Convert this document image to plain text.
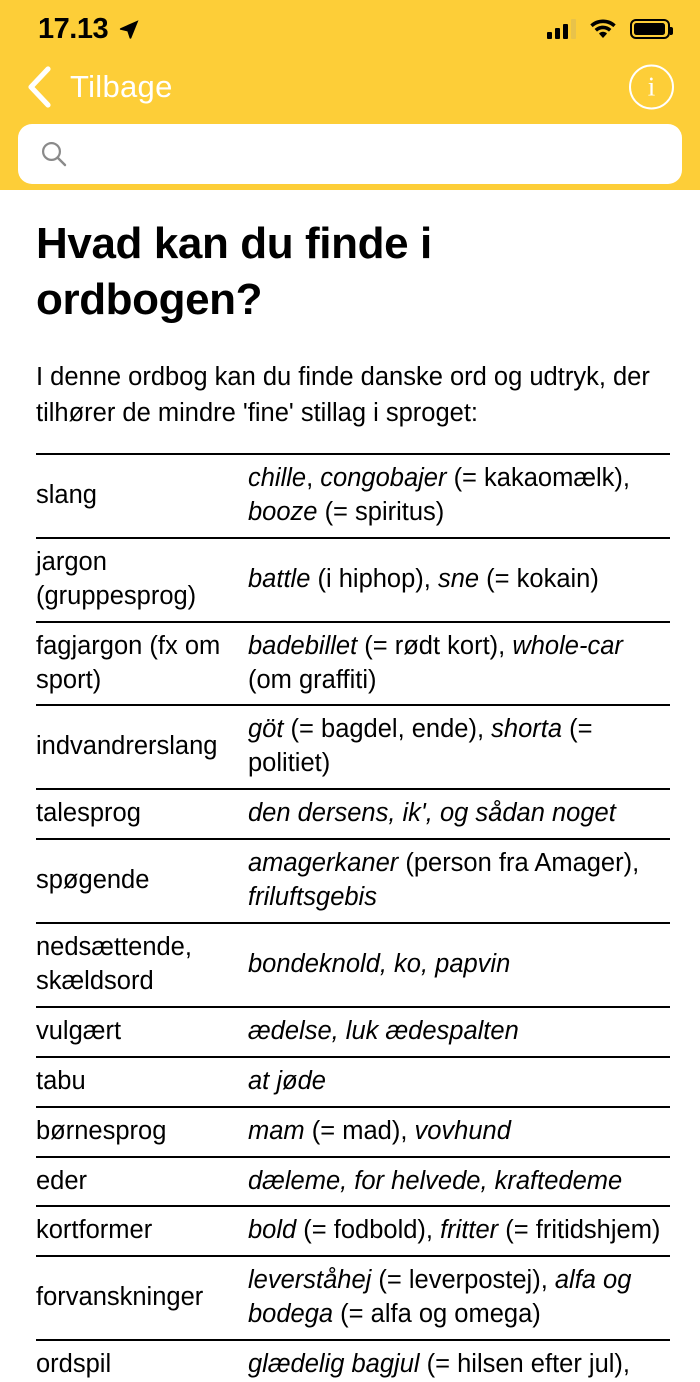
17.13
Tilbage	i
Hvad kan du finde i ordbogen?

I denne ordbog kan du finde danske ord og udtryk, der tilhører de mindre 'fine' stillag i sproget:

slang	chille, congobajer (= kakaomælk), booze (= spiritus)
jargon (gruppesprog)	battle (i hiphop), sne (= kokain)
fagjargon (fx om sport)	badebillet (= rødt kort), whole-car (om graffiti)
indvandrerslang	göt (= bagdel, ende), shorta (= politiet)
talesprog	den dersens, ik', og sådan noget
spøgende	amagerkaner (person fra Amager), friluftsgebis
nedsættende, skældsord	bondeknold, ko, papvin
vulgært	ædelse, luk ædespalten
tabu	at jøde
børnesprog	mam (= mad), vovhund
eder	dæleme, for helvede, kraftedeme
kortformer	bold (= fodbold), fritter (= fritidshjem)
forvanskninger	leverståhej (= leverpostej), alfa og bodega (= alfa og omega)
ordspil	glædelig bagjul (= hilsen efter jul),
